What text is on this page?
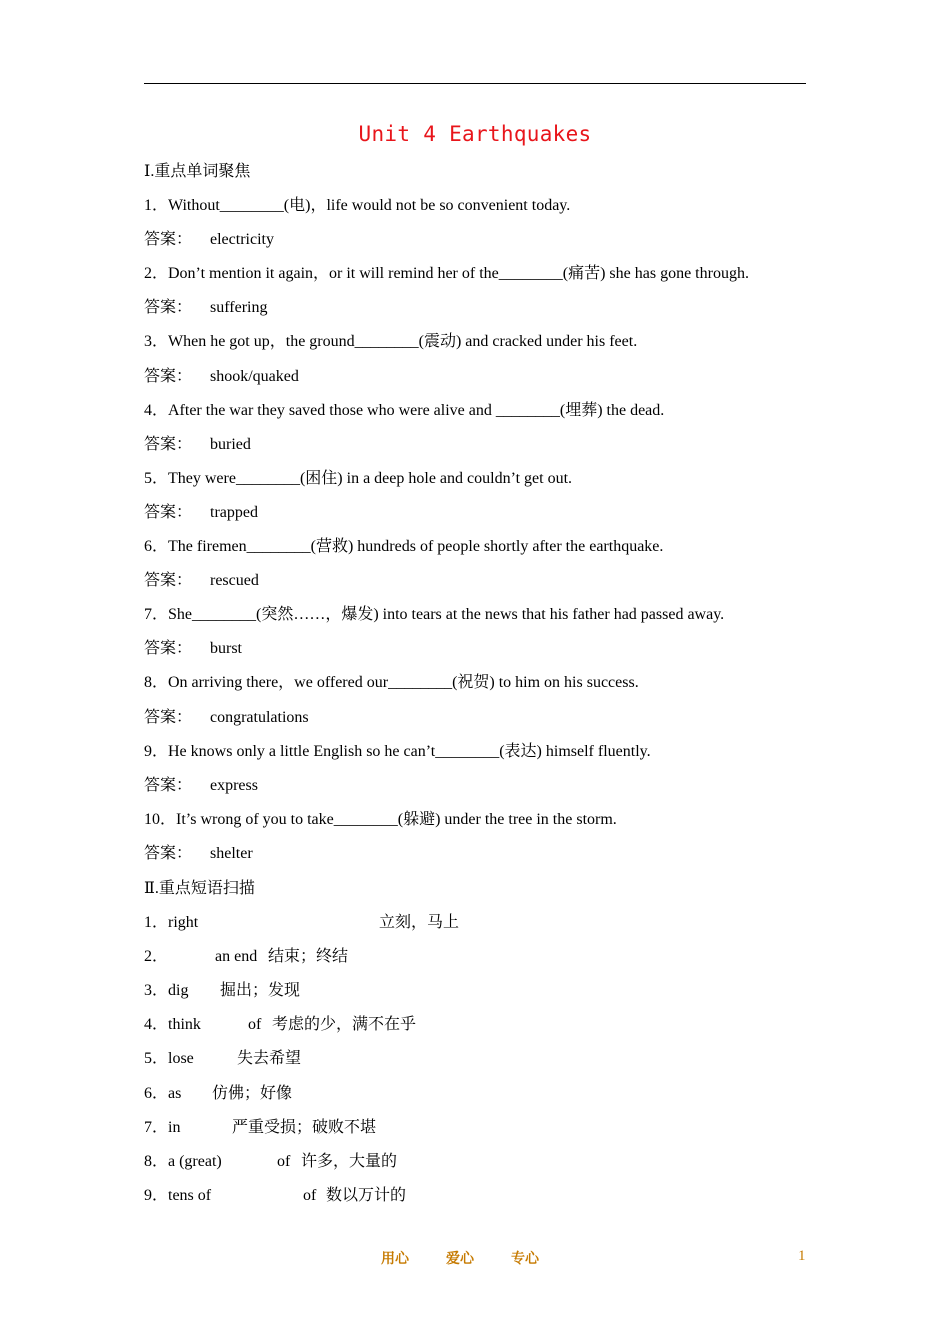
Unit 4 Earthquakes
Ⅰ.重点单词聚焦
1．Without________(电)，life would not be so convenient today.
答案： electricity
2．Don’t mention it again，or it will remind her of the________(痛苦) she has gone through.
答案： suffering
3．When he got up，the ground________(震动) and cracked under his feet.
答案： shook/quaked
4．After the war they saved those who were alive and ________(埋葬) the dead.
答案： buried
5．They were________(困住) in a deep hole and couldn’t get out.
答案： trapped
6．The firemen________(营救) hundreds of people shortly after the earthquake.
答案： rescued
7．She________(突然……，爆发) into tears at the news that his father had passed away.
答案： burst
8．On arriving there，we offered our________(祝贺) to him on his success.
答案： congratulations
9．He knows only a little English so he can’t________(表达) himself fluently.
答案： express
10．It’s wrong of you to take________(躲避) under the tree in the storm.
答案： shelter
Ⅱ.重点短语扫描
1．right	立刻，马上
2．	an end 结束；终结
3．dig 掘出；发现
4．think	of 考虑的少，满不在乎
5．lose	失去希望
6．as 仿佛；好像
7．in	严重受损；破败不堪
8．a (great)	of 许多，大量的
9．tens of	of 数以万计的
用心	爱心	专心	1
